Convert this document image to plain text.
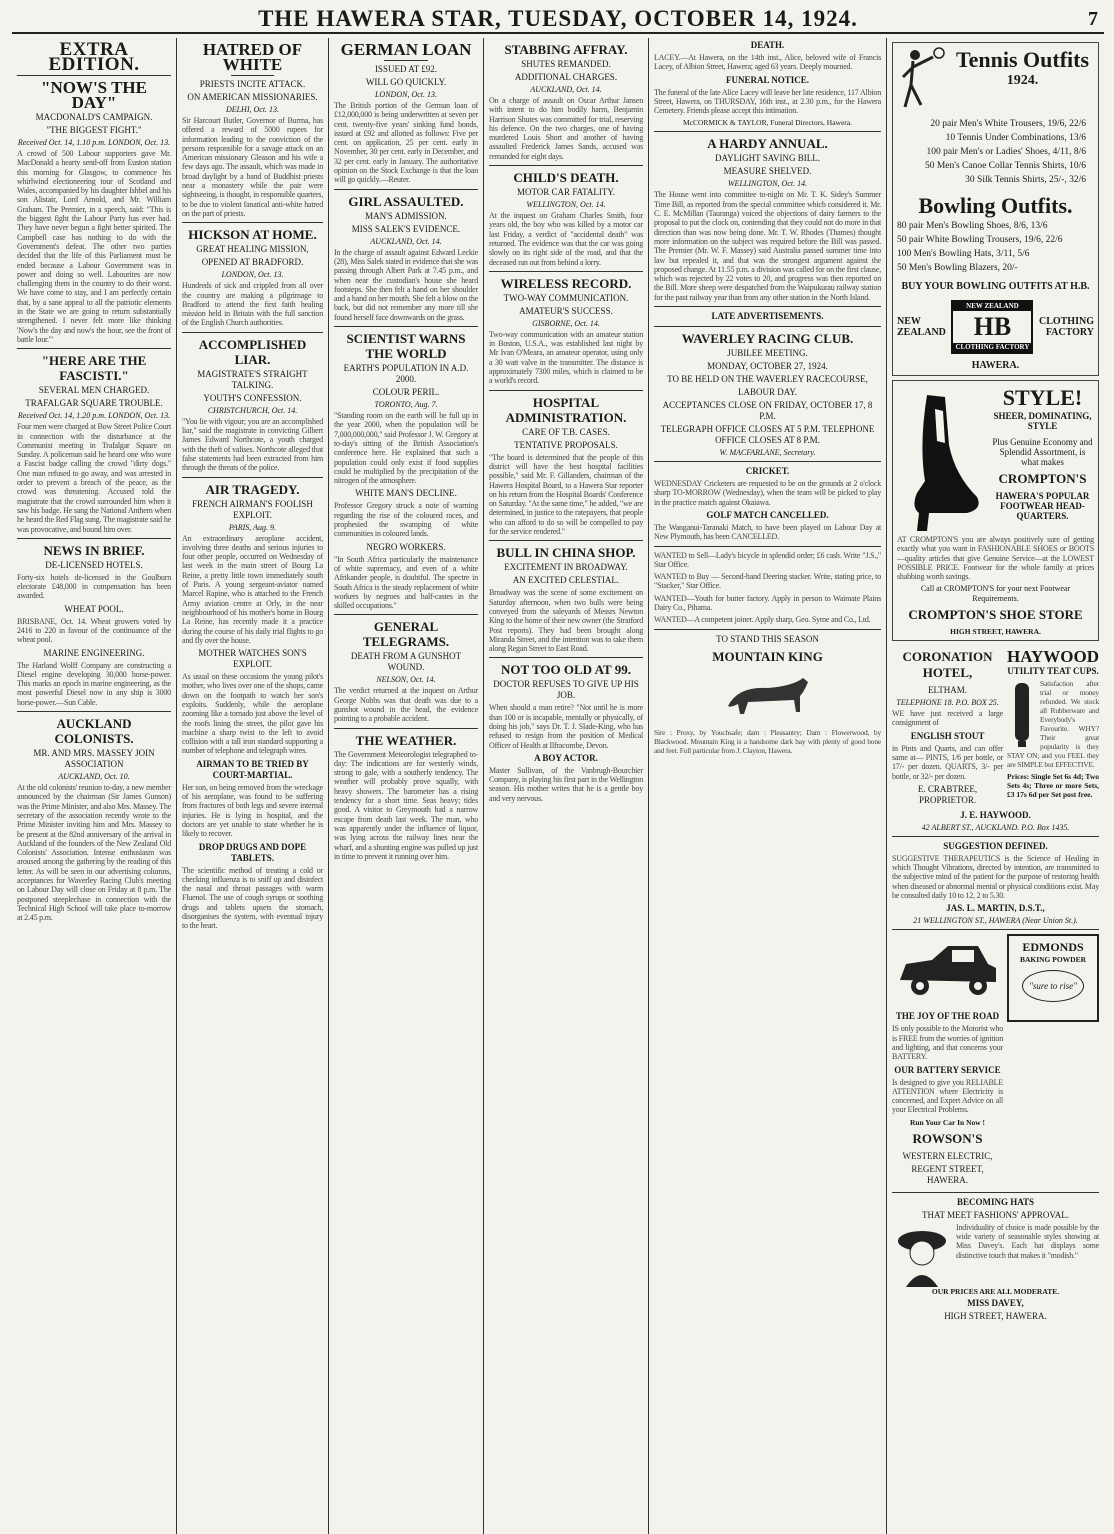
THE HAWERA STAR, TUESDAY, OCTOBER 14, 1924.	7
EXTRA EDITION.
"NOW'S THE DAY"
MACDONALD'S CAMPAIGN.
"THE BIGGEST FIGHT."
Received Oct. 14, 1.10 p.m. LONDON, Oct. 13.

A crowd of 500 Labour supporters gave Mr. MacDonald a hearty send-off from Euston station this morning for Glasgow, to commence his whirlwind electioneering tour of Scotland and Wales, accompanied by his daughter Ishbel and his son Alistair, Lord Arnold, and Mr. William Graham. The Premier, in a speech, said: "This is the biggest fight the Labour Party has ever had. They have never begun a fight better spirited. The Campbell case has nothing to do with the Government's defeat. The other two parties decided that the life of this Parliament must be ended because a Labour Government was in power and doing so well. Labourites are now challenging them in the country to do their worst. We have come to stay, and I am perfectly certain that, by a sane appeal to all the patriotic elements in the State we are going to return substantially strengthened. I never felt more like thinking 'Now's the day and now's the hour, see the front of battle lour.'"

"HERE ARE THE FASCISTI."
SEVERAL MEN CHARGED.
TRAFALGAR SQUARE TROUBLE.
Received Oct. 14, 1.20 p.m. LONDON, Oct. 13.

Four men were charged at Bow Street Police Court in connection with the disturbance at the Communist meeting in Trafalgar Square on Sunday. A policeman said he heard one who wore a Fascist badge calling the crowd "dirty dogs." One man refused to go away, and was arrested in order to prevent a breach of the peace, as the crowd was threatening. Accused told the magistrate that the crowd surrounded him when it saw his badge. He sang the National Anthem when he heard the Red Flag sung. The magistrate said he was provocative, and bound him over.

NEWS IN BRIEF.
DE-LICENSED HOTELS.

Forty-six hotels de-licensed in the Goulburn electorate £48,000 in compensation has been awarded.

WHEAT POOL.

BRISBANE, Oct. 14. Wheat growers voted by 2416 to 220 in favour of the continuance of the wheat pool.

MARINE ENGINEERING.

The Harland Wolff Company are constructing a Diesel engine developing 30,000 horse-power. This marks an epoch in marine engineering, as the most powerful Diesel now in any ship is 3000 horse-power.—Sun Cable.

AUCKLAND COLONISTS.
MR. AND MRS. MASSEY JOIN ASSOCIATION
AUCKLAND, Oct. 10.

At the old colonists' reunion to-day, a new member announced by the chairman (Sir James Gunson) was the Prime Minister, and also Mrs. Massey. The secretary of the association recently wrote to the Prime Minister inviting him and Mrs. Massey to be present at the 82nd anniversary of the arrival in Auckland of the founders of the New Zealand Old Colonists' Association. Intense enthusiasm was aroused among the gathering by the reading of this letter. As will be seen in our advertising columns, acceptances for Waverley Racing Club's meeting on Labour Day will close on Friday at 8 p.m. The postponed steeplechase in connection with the Technical High School will take place to-morrow at 2.45 p.m.

HATRED OF WHITE
PRIESTS INCITE ATTACK.
ON AMERICAN MISSIONARIES.
DELHI, Oct. 13.

Sir Harcourt Butler, Governor of Burma, has offered a reward of 5000 rupees for information leading to the conviction of the persons responsible for a savage attack on an American missionary Gleason and his wife a few days ago. The assault, which was made in broad daylight by a band of Buddhist priests near a monastery while the pair were sightseeing, is thought, in responsible quarters, to be due to violent fanatical anti-white hatred on the part of priests.

HICKSON AT HOME.
GREAT HEALING MISSION,
OPENED AT BRADFORD.
LONDON, Oct. 13.

Hundreds of sick and crippled from all over the country are making a pilgrimage to Bradford to attend the first faith healing mission held in Britain with the full sanction of the English Church authorities.

ACCOMPLISHED LIAR.
MAGISTRATE'S STRAIGHT TALKING.
YOUTH'S CONFESSION.
CHRISTCHURCH, Oct. 14.

"You lie with vigour; you are an accomplished liar," said the magistrate in convicting Gilbert James Edward Northcote, a youth charged with the theft of valises. Northcote alleged that false statements had been extracted from him through the threats of the police.

AIR TRAGEDY.
FRENCH AIRMAN'S FOOLISH EXPLOIT.
PARIS, Aug. 9.

An extraordinary aeroplane accident, involving three deaths and serious injuries to four other people, occurred on Wednesday of last week in the main street of Bourg La Reine, a pretty little town immediately south of Paris. A young sergeant-aviator named Marcel Rapine, who is attached to the French Army aviation centre at Orly, in the near neighbourhood of his mother's home in Bourg La Reine, has recently made it a practice during the course of his daily trial flights to go and fly over the house.

MOTHER WATCHES SON'S EXPLOIT.

As usual on these occasions the young pilot's mother, who lives over one of the shops, came down on the footpath to watch her son's exploits. Suddenly, while the aeroplane zooming like a tornado just above the level of the roofs lining the street, the pilot gave his machine a sharp twist to the left to avoid collision with a tall iron standard supporting a number of telephone and telegraph wires.

AIRMAN TO BE TRIED BY COURT-MARTIAL.

Her son, on being removed from the wreckage of his aeroplane, was found to be suffering from fractures of both legs and severe internal injuries. He is lying in hospital, and the doctors are yet unable to state whether he is likely to recover.

DROP DRUGS AND DOPE TABLETS.

The scientific method of treating a cold or checking influenza is to sniff up and disinfect the nasal and throat passages with warm Fluenol. The use of cough syrups or soothing drugs and tablets upsets the stomach, disorganises the system, with eventual injury to the heart.

GERMAN LOAN
ISSUED AT £92.
WILL GO QUICKLY.
LONDON, Oct. 13.

The British portion of the German loan of £12,000,000 is being underwritten at seven per cent. twenty-five years' sinking fund bonds, issued at £92 and allotted as follows: Five per cent. on application, 25 per cent. early in November, 30 per cent. early in December, and 32 per cent. early in January. The authoritative opinion on the Stock Exchange is that the loan will go quickly.—Reuter.

GIRL ASSAULTED.
MAN'S ADMISSION.
MISS SALEK'S EVIDENCE.
AUCKLAND, Oct. 14.

In the charge of assault against Edward Leckie (28), Miss Salek stated in evidence that she was passing through Albert Park at 7.45 p.m., and when near the custodian's house she heard footsteps. She then felt a hand on her shoulder and a hand on her mouth. She felt a blow on the back, but did not remember any more till she found herself face downwards on the grass.

SCIENTIST WARNS THE WORLD
EARTH'S POPULATION IN A.D. 2000.
COLOUR PERIL.
TORONTO, Aug. 7.

"Standing room on the earth will be full up in the year 2000, when the population will be 7,000,000,000," said Professor J. W. Gregory at to-day's sitting of the British Association's conference here. He explained that such a population could only exist if food supplies could be multiplied by the precipitation of the nitrogen of the atmosphere.

WHITE MAN'S DECLINE.

Professor Gregory struck a note of warning regarding the rise of the coloured races, and prophesied the swamping of white communities in coloured lands.

NEGRO WORKERS.

"In South Africa particularly the maintenance of white supremacy, and even of a white Afrikander people, is doubtful. The spectre in South Africa is the steady replacement of white workers by negroes and half-castes in the skilled occupations."

GENERAL TELEGRAMS.
DEATH FROM A GUNSHOT WOUND.
NELSON, Oct. 14.

The verdict returned at the inquest on Arthur George Nobbs was that death was due to a gunshot wound in the head, the evidence pointing to a probable accident.

THE WEATHER.

The Government Meteorologist telegraphed to-day: The indications are for westerly winds, strong to gale, with a southerly tendency. The weather will probably prove squally, with heavy showers. The barometer has a rising tendency for a short time. Seas heavy; tides good. A visitor to Greymouth had a narrow escape from death last week. The man, who was apparently under the influence of liquor, was lying across the railway lines near the wharf, and a shunting engine was pulled up just in time to prevent it running over him.

STABBING AFFRAY.
SHUTES REMANDED.
ADDITIONAL CHARGES.
AUCKLAND, Oct. 14.

On a charge of assault on Oscar Arthur Jansen with intent to do him bodily harm, Benjamin Harrison Shutes was committed for trial, reserving his defence. On the two charges, one of having murdered Louis Short and another of having assaulted Frederick James Sands, accused was remanded for eight days.

CHILD'S DEATH.
MOTOR CAR FATALITY.
WELLINGTON, Oct. 14.

At the inquest on Graham Charles Smith, four years old, the boy who was killed by a motor car last Friday, a verdict of "accidental death" was returned. The evidence was that the car was going slowly on its right side of the road, and that the deceased ran out from behind a lorry.

WIRELESS RECORD.
TWO-WAY COMMUNICATION.
AMATEUR'S SUCCESS.
GISBORNE, Oct. 14.

Two-way communication with an amateur station in Boston, U.S.A., was established last night by Mr Ivan O'Meara, an amateur operator, using only a 30 watt valve in the transmitter. The distance is approximately 7300 miles, which is claimed to be a world's record.

HOSPITAL ADMINISTRATION.
CARE OF T.B. CASES.
TENTATIVE PROPOSALS.

"The board is determined that the people of this district will have the best hospital facilities possible," said Mr. F. Gillanders, chairman of the Hawera Hospital Board, to a Hawera Star reporter on his return from the Hospital Boards' Conference on Saturday. "At the same time," he added, "we are determined, in justice to the ratepayers, that people who can afford to do so will be compelled to pay for the service rendered."

BULL IN CHINA SHOP.
EXCITEMENT IN BROADWAY.
AN EXCITED CELESTIAL.

Broadway was the scene of some excitement on Saturday afternoon, when two bulls were being conveyed from the saleyards of Messrs Newton King to the home of their new owner (the Stratford Post reports). They had been brought along Miranda Street, and the intention was to take them along Regan Street to East Road.

NOT TOO OLD AT 99.
DOCTOR REFUSES TO GIVE UP HIS JOB.

When should a man retire? "Not until he is more than 100 or is incapable, mentally or physically, of doing his job," says Dr. T. J. Slade-King, who has refused to resign from the position of Medical Officer of Health at Ilfracombe, Devon.

A BOY ACTOR.

Master Sullivan, of the Vanbrugh-Bourchier Company, is playing his first part in the Wellington season. His mother writes that he is a gentle boy and very nervous.

DEATH.

LACEY.—At Hawera, on the 14th inst., Alice, beloved wife of Francis Lacey, of Albion Street, Hawera; aged 63 years. Deeply mourned.

FUNERAL NOTICE.

The funeral of the late Alice Lacey will leave her late residence, 117 Albion Street, Hawera, on THURSDAY, 16th inst., at 2.30 p.m., for the Hawera Cemetery. Friends please accept this intimation.

McCORMICK & TAYLOR, Funeral Directors, Hawera.

A HARDY ANNUAL.
DAYLIGHT SAVING BILL.
MEASURE SHELVED.
WELLINGTON, Oct. 14.

The House went into committee to-night on Mr. T. K. Sidey's Summer Time Bill, as reported from the special committee which considered it. Mr. C. E. McMillan (Tauranga) voiced the objections of dairy farmers to the proposal to put the clock on, contending that they could not do more in that direction than was now being done. Mr. T. W. Rhodes (Thames) thought more information on the subject was required before the Bill was passed. The Premier (Mr. W. F. Massey) said Australia passed summer time into law but repealed it, and that was the strongest argument against the proposed change. At 11.55 p.m. a division was called for on the first clause, which was rejected by 22 votes to 20, and progress was then reported on the Bill. More sheep were despatched from the Waipukurau railway station for the past railway year than from any other station in the North Island.

LATE ADVERTISEMENTS.
WAVERLEY RACING CLUB.
JUBILEE MEETING.
MONDAY, OCTOBER 27, 1924.
TO BE HELD ON THE WAVERLEY RACECOURSE,
LABOUR DAY.
ACCEPTANCES CLOSE ON FRIDAY, OCTOBER 17, 8 P.M.
TELEGRAPH OFFICE CLOSES AT 5 P.M. TELEPHONE OFFICE CLOSES AT 8 P.M.
W. MACFARLANE, Secretary.
CRICKET.

WEDNESDAY Cricketers are requested to be on the grounds at 2 o'clock sharp TO-MORROW (Wednesday), when the team will be picked to play in the practice match against Okaiawa.

GOLF MATCH CANCELLED.

The Wanganui-Taranaki Match, to have been played on Labour Day at New Plymouth, has been CANCELLED.

WANTED to Sell—Lady's bicycle in splendid order; £6 cash. Write "J.S.," Star Office.

WANTED to Buy — Second-hand Deering stacker. Write, stating price, to "Stacker," Star Office.

WANTED—Youth for butter factory. Apply in person to Waimate Plains Dairy Co., Pihama.

WANTED—A competent joiner. Apply sharp, Geo. Syme and Co., Ltd.

TO STAND THIS SEASON
MOUNTAIN KING

Sire : Proxy, by Youchsafe; dam : Pleasantry; Dam : Flowerwood, by Blackwood. Mountain King is a handsome dark bay with plenty of good bone and feet. Full particular from J. Clayton, Hawera.

Tennis Outfits
1924.
20 pair Men's White Trousers, 19/6, 22/6
10 Tennis Under Combinations, 13/6
100 pair Men's or Ladies' Shoes, 4/11, 8/6
50 Men's Canoe Collar Tennis Shirts, 10/6
30 Silk Tennis Shirts, 25/-, 32/6
Bowling Outfits.
80 pair Men's Bowling Shoes, 8/6, 13/6
50 pair White Bowling Trousers, 19/6, 22/6
100 Men's Bowling Hats, 3/11, 5/6
50 Men's Bowling Blazers, 20/-
BUY YOUR BOWLING OUTFITS AT H.B.
NEW
ZEALAND
NEW ZEALAND
HB
CLOTHING FACTORY
CLOTHING
FACTORY
HAWERA.
STYLE!
SHEER, DOMINATING, STYLE
Plus Genuine Economy and Splendid Assortment, is what makes
CROMPTON'S
HAWERA'S POPULAR FOOTWEAR HEAD-QUARTERS.

AT CROMPTON'S you are always positively sure of getting exactly what you want in FASHIONABLE SHOES or BOOTS—quality articles that give Genuine Service—at the LOWEST POSSIBLE PRICE. Footwear for the whole family at prices shabbing worth savings.

Call at CROMPTON'S for your next Footwear Requirements.

CROMPTON'S SHOE STORE
HIGH STREET, HAWERA.
CORONATION HOTEL,
ELTHAM.
TELEPHONE 18. P.O. BOX 25.

WE have just received a large consignment of

ENGLISH STOUT

in Pints and Quarts, and can offer same at— PINTS, 1/6 per bottle, or 17/- per dozen. QUARTS, 3/- per bottle, or 32/- per dozen.

E. CRABTREE, PROPRIETOR.
HAYWOOD
UTILITY TEAT CUPS.

Satisfaction after trial or money refunded. We stock all Rubberware and Everybody's Favourite. WHY? Their great popularity is they STAY ON; and you FEEL they are SIMPLE but EFFECTIVE.

Prices: Single Set 6s 4d; Two Sets 4s; Three or more Sets, £3 17s 6d per Set post free.

J. E. HAYWOOD.
42 ALBERT ST., AUCKLAND. P.O. Box 1435.
SUGGESTION DEFINED.

SUGGESTIVE THERAPEUTICS is the Science of Healing in which Thought Vibrations, directed by intention, are transmitted to the subjective mind of the patient for the purpose of restoring health when diseased or abnormal mental or physical conditions exist. May be consulted daily 10 to 12, 2 to 5.30.

JAS. L. MARTIN, D.S.T.,
21 WELLINGTON ST., HAWERA (Near Union St.).
THE JOY OF THE ROAD

IS only possible to the Motorist who is FREE from the worries of ignition and lighting, and that concerns your BATTERY.

OUR BATTERY SERVICE

Is designed to give you RELIABLE ATTENTION where Electricity is concerned, and Expert Advice on all your Electrical Problems.

Run Your Car In Now !
ROWSON'S
WESTERN ELECTRIC,
REGENT STREET, HAWERA.
EDMONDS
BAKING POWDER
"sure to rise"
BECOMING HATS
THAT MEET FASHIONS' APPROVAL.

Individuality of choice is made possible by the wide variety of seasonable styles showing at Miss Davey's. Each hat displays some distinctive touch that makes it "modish."

OUR PRICES ARE ALL MODERATE.
MISS DAVEY,
HIGH STREET, HAWERA.
